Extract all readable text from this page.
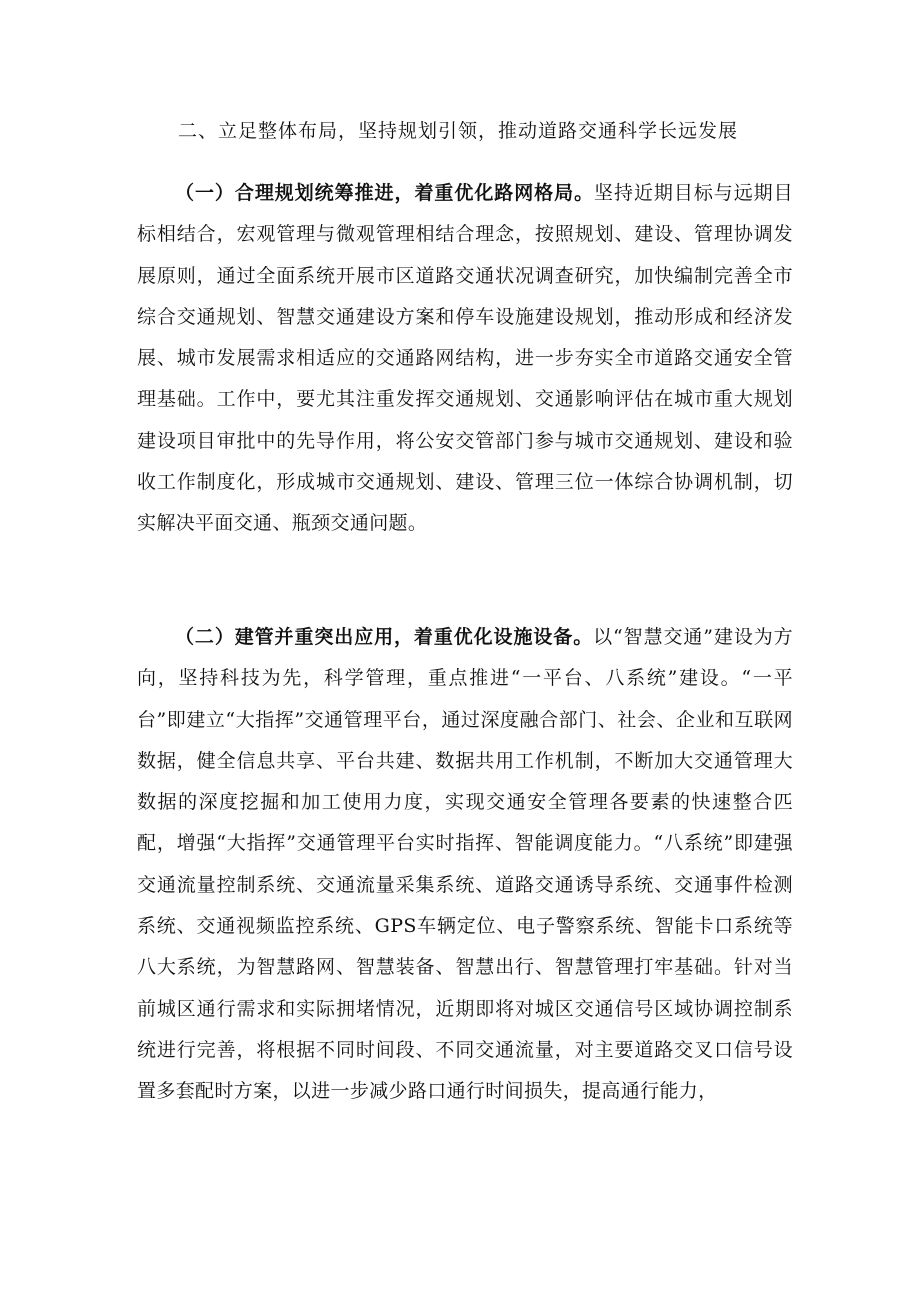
二、立足整体布局，坚持规划引领，推动道路交通科学长远发展

（一）合理规划统筹推进，着重优化路网格局。坚持近期目标与远期目标相结合，宏观管理与微观管理相结合理念，按照规划、建设、管理协调发展原则，通过全面系统开展市区道路交通状况调查研究，加快编制完善全市综合交通规划、智慧交通建设方案和停车设施建设规划，推动形成和经济发展、城市发展需求相适应的交通路网结构，进一步夯实全市道路交通安全管理基础。工作中，要尤其注重发挥交通规划、交通影响评估在城市重大规划建设项目审批中的先导作用，将公安交管部门参与城市交通规划、建设和验收工作制度化，形成城市交通规划、建设、管理三位一体综合协调机制，切实解决平面交通、瓶颈交通问题。

（二）建管并重突出应用，着重优化设施设备。以“智慧交通”建设为方向，坚持科技为先，科学管理，重点推进“一平台、八系统”建设。“一平台”即建立“大指挥”交通管理平台，通过深度融合部门、社会、企业和互联网数据，健全信息共享、平台共建、数据共用工作机制，不断加大交通管理大数据的深度挖掘和加工使用力度，实现交通安全管理各要素的快速整合匹配，增强“大指挥”交通管理平台实时指挥、智能调度能力。“八系统”即建强交通流量控制系统、交通流量采集系统、道路交通诱导系统、交通事件检测系统、交通视频监控系统、GPS车辆定位、电子警察系统、智能卡口系统等八大系统，为智慧路网、智慧装备、智慧出行、智慧管理打牢基础。针对当前城区通行需求和实际拥堵情况，近期即将对城区交通信号区域协调控制系统进行完善，将根据不同时间段、不同交通流量，对主要道路交叉口信号设置多套配时方案，以进一步减少路口通行时间损失，提高通行能力，
